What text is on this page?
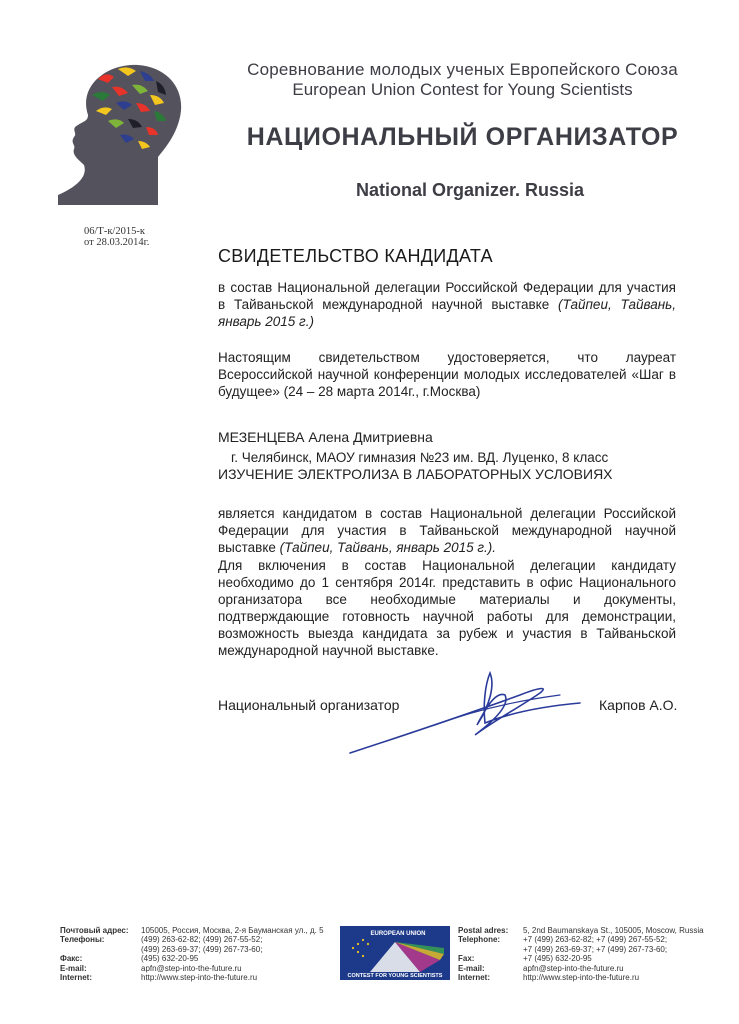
Соревнование молодых ученых Европейского Союза
European Union Contest for Young Scientists
НАЦИОНАЛЬНЫЙ ОРГАНИЗАТОР
National Organizer. Russia
06/Т-к/2015-к
от 28.03.2014г.
СВИДЕТЕЛЬСТВО КАНДИДАТА
в состав Национальной делегации Российской Федерации для участия в Тайваньской международной научной выставке (Тайпеи, Тайвань, январь 2015 г.)
Настоящим свидетельством удостоверяется, что лауреат Всероссийской научной конференции молодых исследователей «Шаг в будущее» (24 – 28 марта 2014г., г.Москва)
МЕЗЕНЦЕВА Алена Дмитриевна
г. Челябинск, МАОУ гимназия №23 им. ВД. Луценко, 8 класс
ИЗУЧЕНИЕ ЭЛЕКТРОЛИЗА В ЛАБОРАТОРНЫХ УСЛОВИЯХ
является кандидатом в состав Национальной делегации Российской Федерации для участия в Тайваньской международной научной выставке (Тайпеи, Тайвань, январь 2015 г.).
Для включения в состав Национальной делегации кандидату необходимо до 1 сентября 2014г. представить в офис Национального организатора все необходимые материалы и документы, подтверждающие готовность научной работы для демонстрации, возможность выезда кандидата за рубеж и участия в Тайваньской международной научной выставке.
Национальный организатор	Карпов А.О.
Почтовый адрес:
Телефоны:
Факс:
E-mail:
Internet:
105005, Россия, Москва, 2-я Бауманская ул., д. 5
(499) 263-62-82; (499) 267-55-52;
(499) 263-69-37; (499) 267-73-60;
(495) 632-20-95
apfn@step-into-the-future.ru
http://www.step-into-the-future.ru
EUROPEAN UNION
CONTEST FOR YOUNG SCIENTISTS
Postal adres:
Telephone:
Fax:
E-mail:
Internet:
5, 2nd Baumanskaya St., 105005, Moscow, Russia
+7 (499) 263-62-82; +7 (499) 267-55-52;
+7 (499) 263-69-37; +7 (499) 267-73-60;
+7 (495) 632-20-95
apfn@step-into-the-future.ru
http://www.step-into-the-future.ru
